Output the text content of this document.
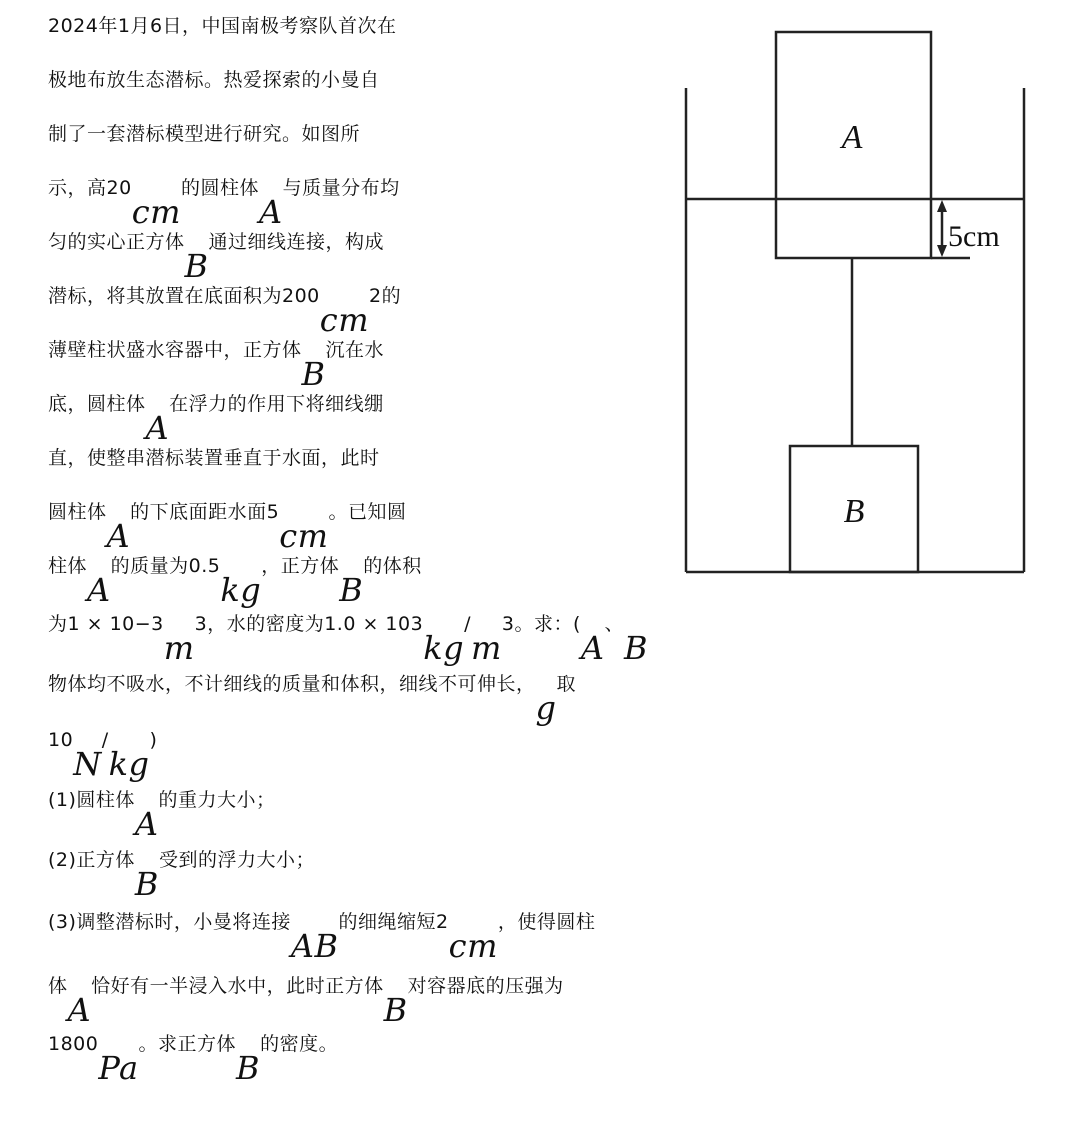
$^{2024年1月6日,中国南极考察队首次在}$
$^{极地布放生态潜标。热爱探索的小曼自}$
$^{制了一套潜标模型进行研究。如图所}$
$^{示,高20}cm^{的圆柱体}A^{与质量分布均}$
$^{匀的实心正方体}B^{通过细线连接,构成}$
$^{潜标,将其放置在底面积为200}cm^{2的}$
$^{薄壁柱状盛水容器中,正方体}B^{沉在水}$
$^{底,圆柱体}A^{在浮力的作用下将细线绷}$
$^{直,使整串潜标装置垂直于水面,此时}$
$^{圆柱体}A^{的下底面距水面5}cm^{。已知圆}$
$^{柱体}A^{的质量为0.5}kg^{,正方体}B^{的体积}$
$^{为1 \times 10-3}m^{3,水的密度为1.0 \times 103}kg^/m^{3。求:(}A^、B$
$^{物体均不吸水,不计细线的质量和体积,细线不可伸长,}g^取$
$^{10}$N/kg)
$^{(1)圆柱体}A^{的重力大小;}$
$^{(2)正方体}B^{受到的浮力大小;}$
$^{(3)调整潜标时,小曼将连接}AB^{的细绳缩短2}cm^{,使得圆柱}$
$^体A^{恰好有一半浸入水中,此时正方体}B^{对容器底的压强为}$
$^{1800}Pa^{。求正方体}B^{的密度。}$
A
B
5cm
